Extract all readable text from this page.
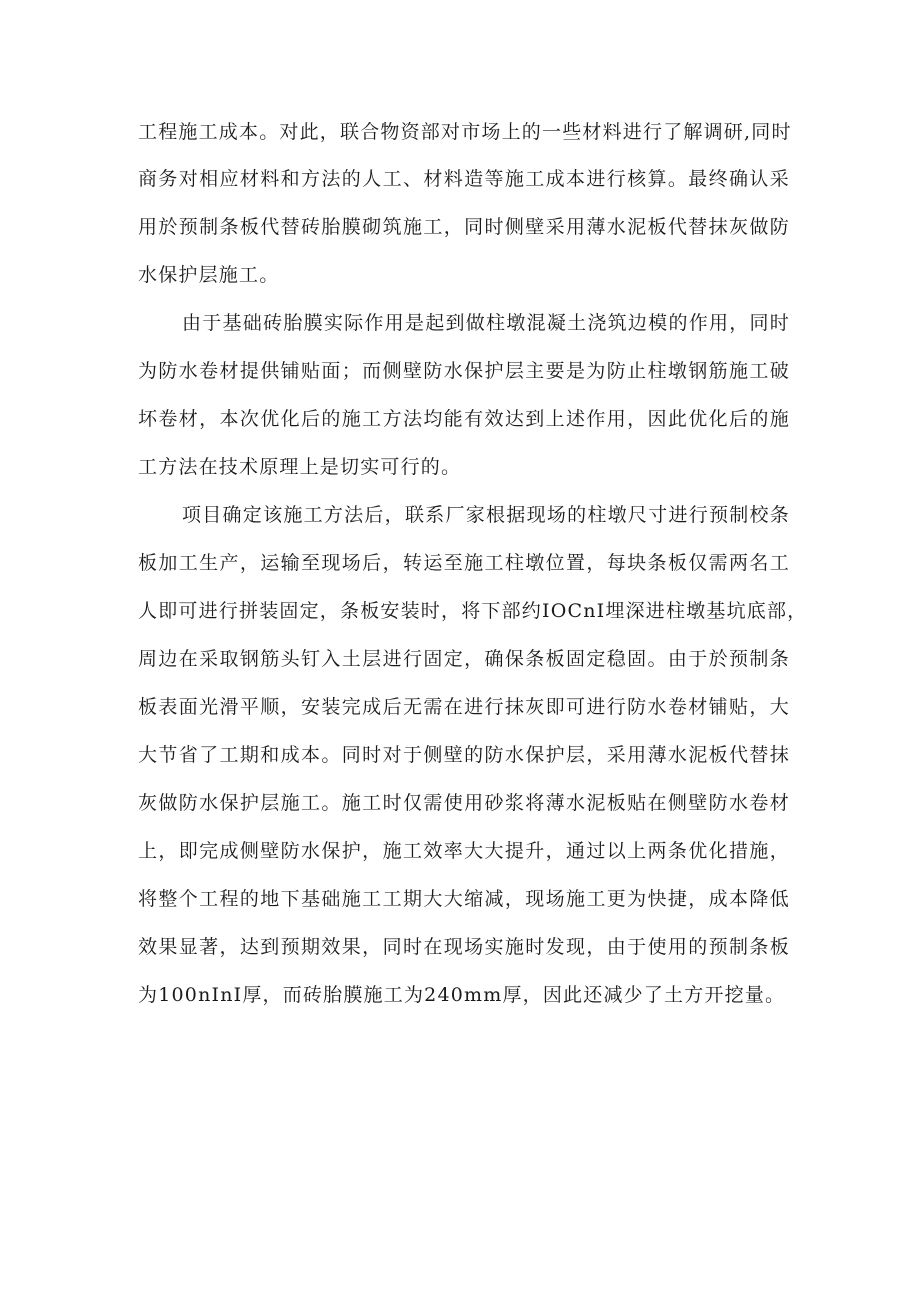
工程施工成本。对此，联合物资部对市场上的一些材料进行了解调研,同时
商务对相应材料和方法的人工、材料造等施工成本进行核算。最终确认采
用於预制条板代替砖胎膜砌筑施工，同时侧壁采用薄水泥板代替抹灰做防
水保护层施工。
由于基础砖胎膜实际作用是起到做柱墩混凝土浇筑边模的作用，同时
为防水卷材提供铺贴面；而侧壁防水保护层主要是为防止柱墩钢筋施工破
坏卷材，本次优化后的施工方法均能有效达到上述作用，因此优化后的施
工方法在技术原理上是切实可行的。
项目确定该施工方法后，联系厂家根据现场的柱墩尺寸进行预制校条
板加工生产，运输至现场后，转运至施工柱墩位置，每块条板仅需两名工
人即可进行拼装固定，条板安装时，将下部约IOCnI埋深进柱墩基坑底部，
周边在采取钢筋头钉入土层进行固定，确保条板固定稳固。由于於预制条
板表面光滑平顺，安装完成后无需在进行抹灰即可进行防水卷材铺贴，大
大节省了工期和成本。同时对于侧壁的防水保护层，采用薄水泥板代替抹
灰做防水保护层施工。施工时仅需使用砂浆将薄水泥板贴在侧壁防水卷材
上，即完成侧壁防水保护，施工效率大大提升，通过以上两条优化措施，
将整个工程的地下基础施工工期大大缩减，现场施工更为快捷，成本降低
效果显著，达到预期效果，同时在现场实施时发现，由于使用的预制条板
为100nInI厚，而砖胎膜施工为240mm厚，因此还减少了土方开挖量。
